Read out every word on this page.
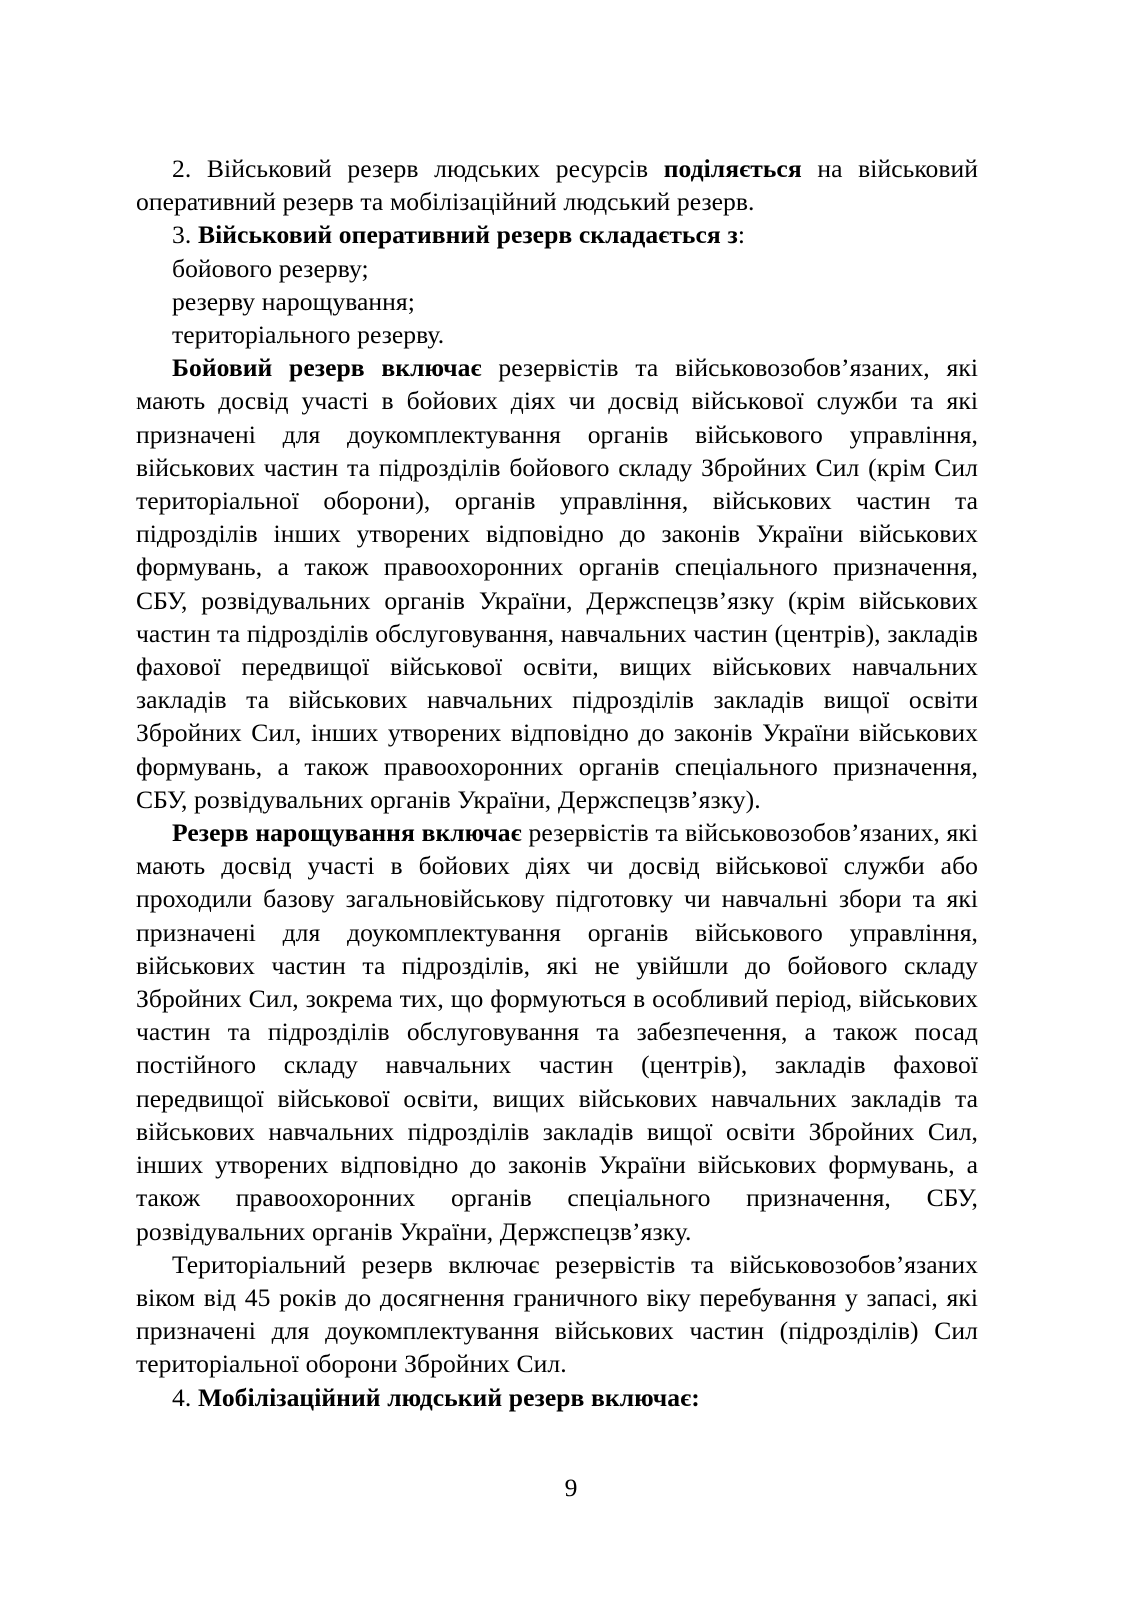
2. Військовий резерв людських ресурсів поділяється на військовий оперативний резерв та мобілізаційний людський резерв.

3. Військовий оперативний резерв складається з:

бойового резерву;

резерву нарощування;

територіального резерву.

Бойовий резерв включає резервістів та військовозобов’язаних, які мають досвід участі в бойових діях чи досвід військової служби та які призначені для доукомплектування органів військового управління, військових частин та підрозділів бойового складу Збройних Сил (крім Сил територіальної оборони), органів управління, військових частин та підрозділів інших утворених відповідно до законів України військових формувань, а також правоохоронних органів спеціального призначення, СБУ, розвідувальних органів України, Держспецзв’язку (крім військових частин та підрозділів обслуговування, навчальних частин (центрів), закладів фахової передвищої військової освіти, вищих військових навчальних закладів та військових навчальних підрозділів закладів вищої освіти Збройних Сил, інших утворених відповідно до законів України військових формувань, а також правоохоронних органів спеціального призначення, СБУ, розвідувальних органів України, Держспецзв’язку).

Резерв нарощування включає резервістів та військовозобов’язаних, які мають досвід участі в бойових діях чи досвід військової служби або проходили базову загальновійськову підготовку чи навчальні збори та які призначені для доукомплектування органів військового управління, військових частин та підрозділів, які не увійшли до бойового складу Збройних Сил, зокрема тих, що формуються в особливий період, військових частин та підрозділів обслуговування та забезпечення, а також посад постійного складу навчальних частин (центрів), закладів фахової передвищої військової освіти, вищих військових навчальних закладів та військових навчальних підрозділів закладів вищої освіти Збройних Сил, інших утворених відповідно до законів України військових формувань, а також правоохоронних органів спеціального призначення, СБУ, розвідувальних органів України, Держспецзв’язку.

Територіальний резерв включає резервістів та військовозобов’язаних віком від 45 років до досягнення граничного віку перебування у запасі, які призначені для доукомплектування військових частин (підрозділів) Сил територіальної оборони Збройних Сил.

4. Мобілізаційний людський резерв включає:

9
